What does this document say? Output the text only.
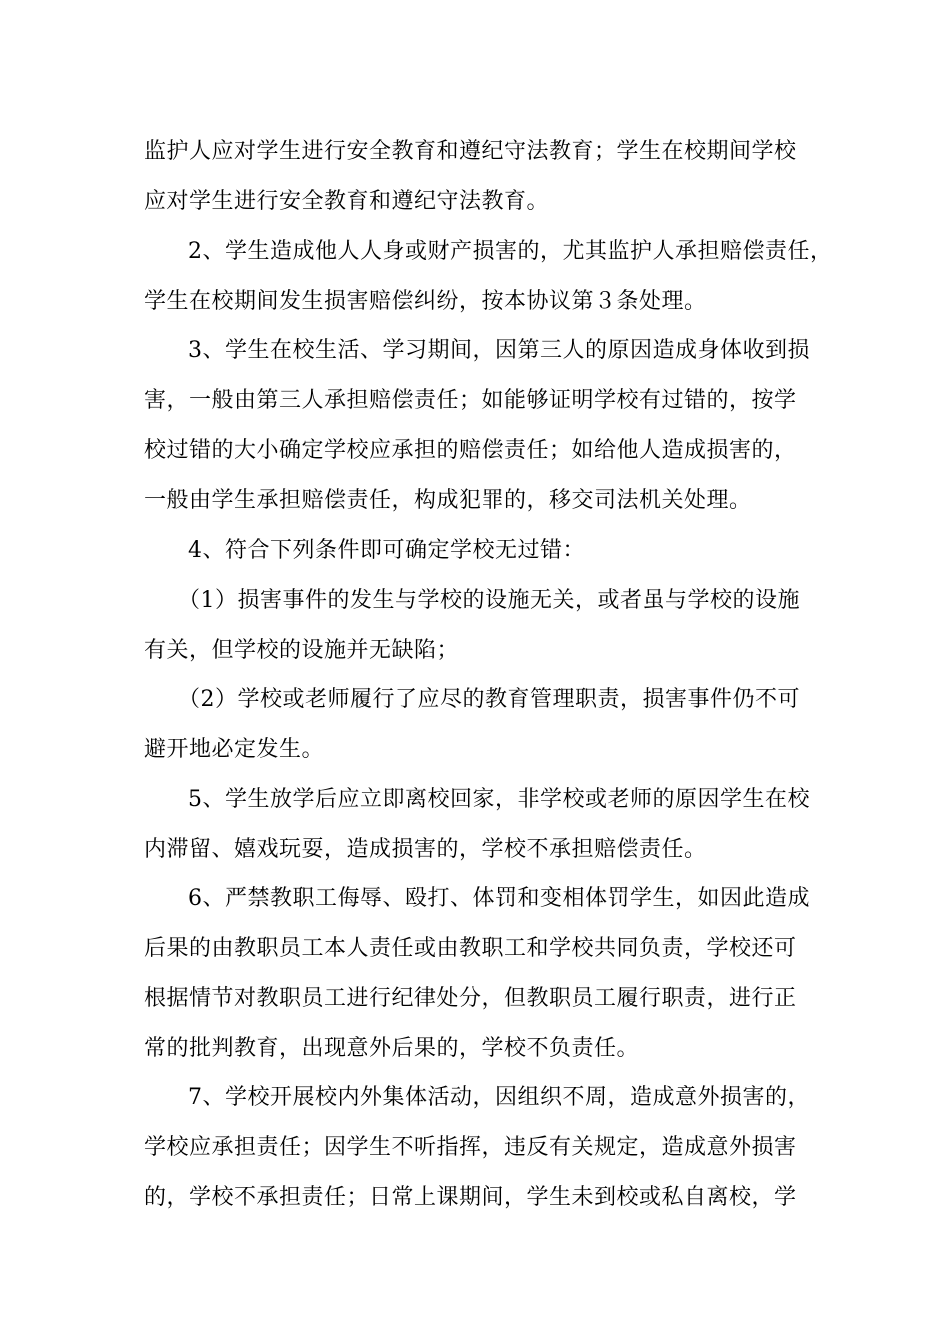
监护人应对学生进行安全教育和遵纪守法教育；学生在校期间学校
应对学生进行安全教育和遵纪守法教育。
2、学生造成他人人身或财产损害的，尤其监护人承担赔偿责任，
学生在校期间发生损害赔偿纠纷，按本协议第３条处理。
3、学生在校生活、学习期间，因第三人的原因造成身体收到损
害，一般由第三人承担赔偿责任；如能够证明学校有过错的，按学
校过错的大小确定学校应承担的赔偿责任；如给他人造成损害的，
一般由学生承担赔偿责任，构成犯罪的，移交司法机关处理。
4、符合下列条件即可确定学校无过错：
（1）损害事件的发生与学校的设施无关，或者虽与学校的设施
有关，但学校的设施并无缺陷；
（2）学校或老师履行了应尽的教育管理职责，损害事件仍不可
避开地必定发生。
5、学生放学后应立即离校回家，非学校或老师的原因学生在校
内滞留、嬉戏玩耍，造成损害的，学校不承担赔偿责任。
6、严禁教职工侮辱、殴打、体罚和变相体罚学生，如因此造成
后果的由教职员工本人责任或由教职工和学校共同负责，学校还可
根据情节对教职员工进行纪律处分，但教职员工履行职责，进行正
常的批判教育，出现意外后果的，学校不负责任。
7、学校开展校内外集体活动，因组织不周，造成意外损害的，
学校应承担责任；因学生不听指挥，违反有关规定，造成意外损害
的，学校不承担责任；日常上课期间，学生未到校或私自离校，学
